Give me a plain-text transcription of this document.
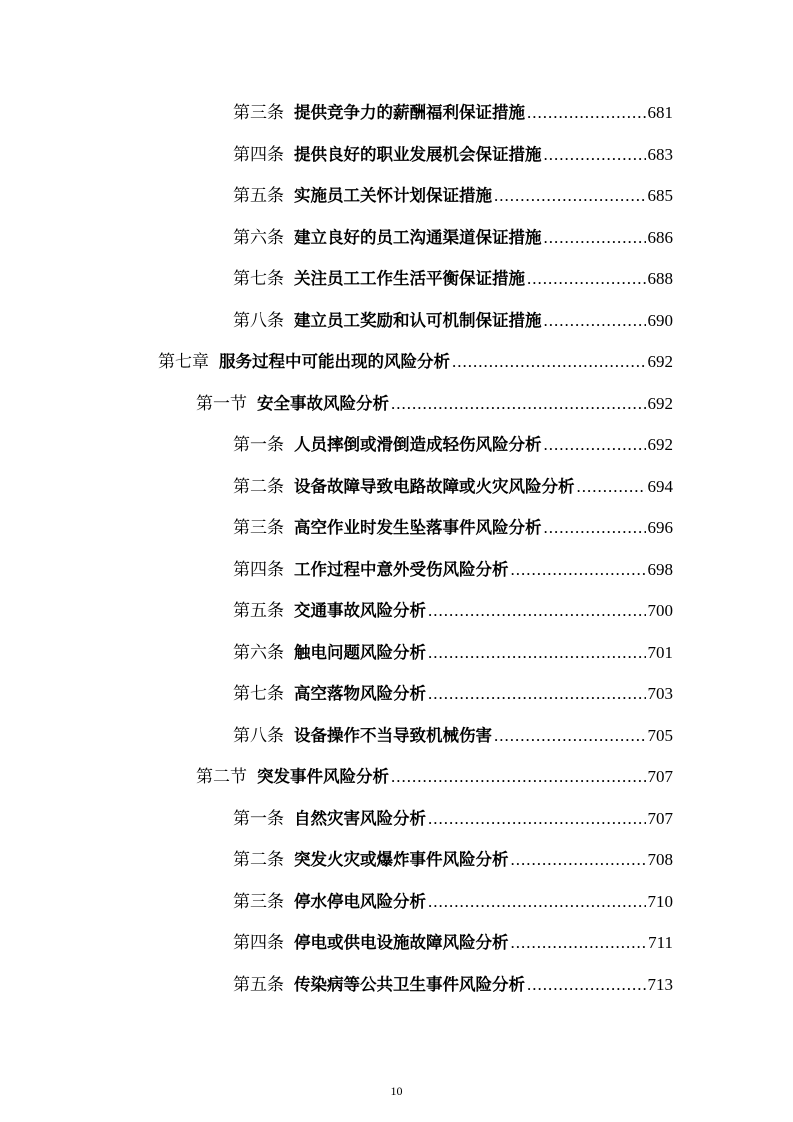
第三条 提供竞争力的薪酬福利保证措施 .....	681
第四条 提供良好的职业发展机会保证措施 .....	683
第五条 实施员工关怀计划保证措施 .....	685
第六条 建立良好的员工沟通渠道保证措施 .....	686
第七条 关注员工工作生活平衡保证措施 .....	688
第八条 建立员工奖励和认可机制保证措施 .....	690
第七章 服务过程中可能出现的风险分析 .....	692
第一节 安全事故风险分析 .....	692
第一条 人员摔倒或滑倒造成轻伤风险分析 .....	692
第二条 设备故障导致电路故障或火灾风险分析 .....	694
第三条 高空作业时发生坠落事件风险分析 .....	696
第四条 工作过程中意外受伤风险分析 .....	698
第五条 交通事故风险分析 .....	700
第六条 触电问题风险分析 .....	701
第七条 高空落物风险分析 .....	703
第八条 设备操作不当导致机械伤害 .....	705
第二节 突发事件风险分析 .....	707
第一条 自然灾害风险分析 .....	707
第二条 突发火灾或爆炸事件风险分析 .....	708
第三条 停水停电风险分析 .....	710
第四条 停电或供电设施故障风险分析 .....	711
第五条 传染病等公共卫生事件风险分析 .....	713
10
